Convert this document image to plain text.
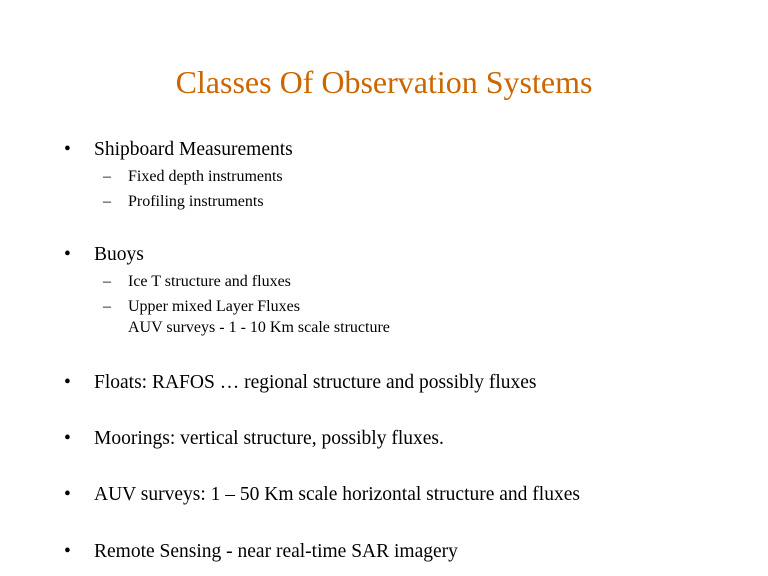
Classes Of Observation Systems
• Shipboard Measurements
– Fixed depth instruments
– Profiling instruments
• Buoys
– Ice T structure and fluxes
– Upper mixed Layer Fluxes
AUV surveys - 1 - 10 Km scale structure
• Floats: RAFOS … regional structure and possibly fluxes
• Moorings: vertical structure, possibly fluxes.
• AUV surveys: 1 – 50 Km scale horizontal structure and fluxes
• Remote Sensing - near real-time SAR imagery
